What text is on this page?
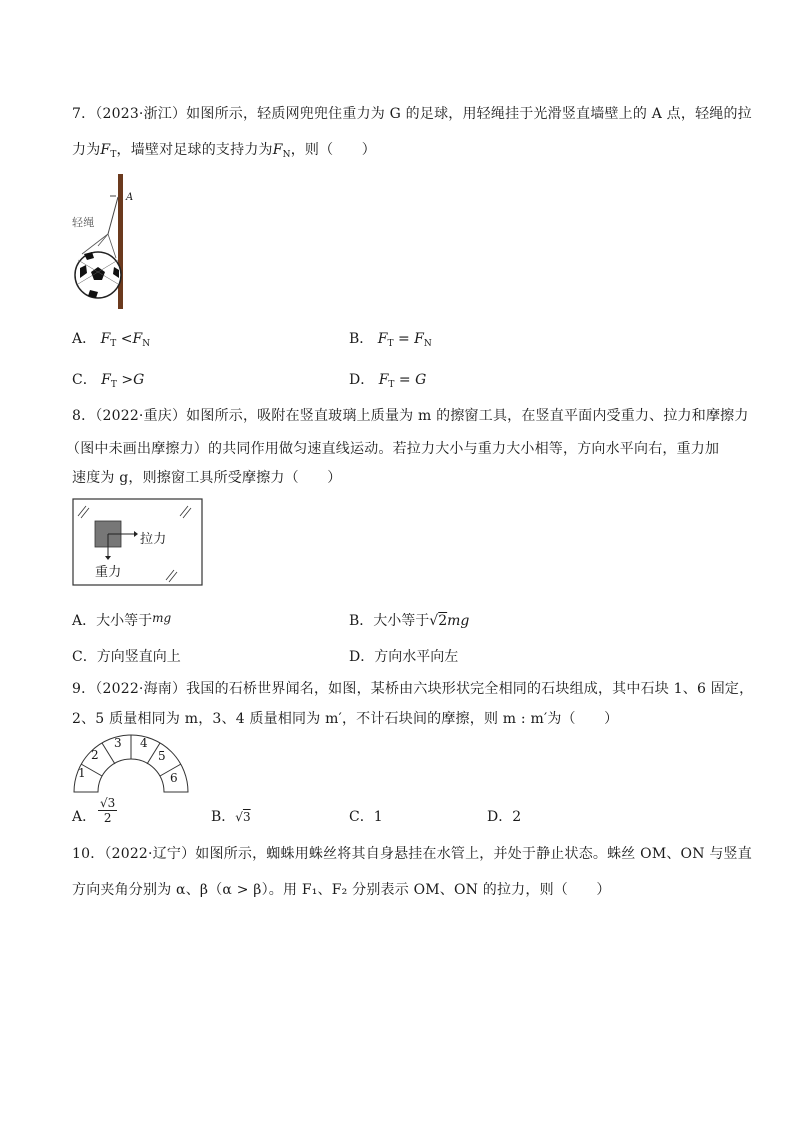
7．（2023·浙江）如图所示，轻质网兜兜住重力为 G 的足球，用轻绳挂于光滑竖直墙壁上的 A 点，轻绳的拉
力为$F_T$，墙壁对足球的支持力为$F_N$，则（　　）
轻绳
A
A． $F_T <F_N$	B． $F_T = F_N$
C． $F_T >G$	D． $F_T = G$
8．（2022·重庆）如图所示，吸附在竖直玻璃上质量为 m 的擦窗工具，在竖直平面内受重力、拉力和摩擦力
（图中未画出摩擦力）的共同作用做匀速直线运动。若拉力大小与重力大小相等，方向水平向右，重力加
速度为 g，则擦窗工具所受摩擦力（　　）
拉力
重力
A．大小等于mg	B．大小等于√2mg
C．方向竖直向上	D．方向水平向左
9．（2022·海南）我国的石桥世界闻名，如图，某桥由六块形状完全相同的石块组成，其中石块 1、6 固定，
2、5 质量相同为 m，3、4 质量相同为 m′，不计石块间的摩擦，则 m : m′为（　　）
1
2
3 4
5
6
A．
√3
2	B．√3	C．1	D．2
10．（2022·辽宁）如图所示，蜘蛛用蛛丝将其自身悬挂在水管上，并处于静止状态。蛛丝 OM、ON 与竖直
方向夹角分别为 α、β（α > β）。用 F₁、F₂ 分别表示 OM、ON 的拉力，则（　　）
